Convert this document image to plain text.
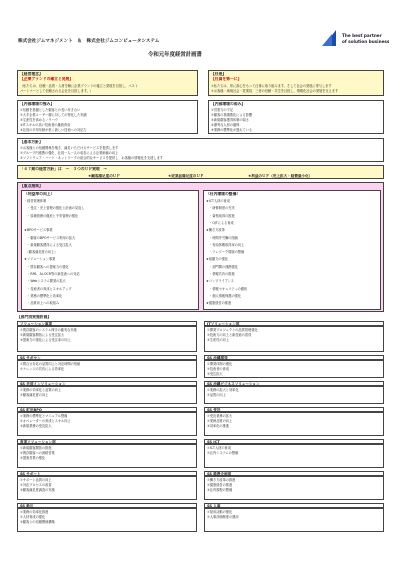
株式会社ジムマネジメント　＆　株式会社ジムコンピュータシステム
令和元年度経営計画書
The best partner
of solution business
【経営理念】
【企業ブランドの確立と発展】
（私たちは、信頼・品質・人材を軸に企業ブランドの確立と発展を目指し、ベスト
パートナーとして信頼される会社を目指します。）
【社是】
【社員を第一に】
①私たちは、常に真心をもって仕事に取り組みます。そして社会の発展に寄与します
②お客様・地域社会・従業員、三者の信頼・共生を目指し、情報化社会の発展を支えます
【内部環境の強み】
①信頼を基盤とした顧客との長い付き合い
②大手企業ユーザー層に対しての特化した実績
③生産性を高めるノウハウ
④ITスキルの高い技術者の継続育成
⑤社員の平均年齢が低く新しい技術への対応力
【内部環境の弱み】
①営業力の不足
②顧客の業績悪化による影響
③新規顧客獲得体制の弱さ
④優秀な人材の確保
⑤業務の標準化が遅れている
【基本方針】
①お客様との信頼関係を築き、満足いただけるサービスを提供します
②グループ内連携の強化、社員一人一人の成長による企業価値の向上
③ソフトウェア・ハード・ネットワークの総合的なサービスを提供し、お客様の情報化を支援します
「４７期の経営方針」は　～　３つのＵＰ実現　～
★顧客満足度のＵＰ	★従業員満足度のＵＰ	★利益のＵＰ（売上拡大・経費最小化）
【重点施策】
（利益率の向上）
・経営管理体制
　・受注・売上管理の強化と計画の見直し
　・原価管理の徹底と予実管理の強化
★BPOサービス事業
　・顧客のBPOサービス利用の拡大
　・新規顧客獲得による受注拡大
　（顧客満足度の向上）
★ソリューション事業
　・既存顧客への提案力の強化
　・RPA、AI-OCR等の新技術への対応
　・Webシステム開発の拡大
　・技術者の育成とスキルアップ
　・業務の標準化と効率化
　・品質向上への取組み
（社内環境の整備）
★ICT人材の育成
　・研修制度の充実
　・資格取得の推進
　・OJTによる育成
★働き方改革
　・時間外労働の削減
　・有給休暇取得率の向上
　・テレワーク環境の整備
★組織力の強化
　・部門間の連携強化
　・情報共有の推進
★コンプライアンス
　・情報セキュリティの徹底
　・個人情報保護の強化
★健康経営の推進
【部門別実施計画】
ソリューション事業
①既存顧客のシステム保守の確実な実施
②新規顧客開拓による受注拡大
③提案力の強化による受注率の向上
SS サポセン
①問合せ対応の品質向上と対応時間の短縮
②ナレッジの共有による効率化
SS 共済インソリューション
①業務の効率化と品質の向上
②顧客満足度の向上
SS 町田BPO
①業務の標準化とマニュアル整備
②オペレーターの育成とスキル向上
③新規業務の受託拡大
営業ソリューション部
①新規顧客開拓の推進
②既存顧客への深耕営業
③提案営業の強化
SS サポート
①サポート品質の向上
②対応プロセスの改善
③顧客満足度調査の実施
SS 新川
①業務の効率化推進
②人材育成の強化
③顧客との信頼関係構築
ITソリューション部
①開発プロジェクトの品質管理強化
②技術力の向上と新技術の習得
③生産性の向上
SS 沖縄開発
①開発体制の強化
②技術者の育成
③受注拡大
SS 沖縄ビジネスソリューション
①業務の拡大と効率化
②品質の向上
SS 受託
①受託業務の拡大
②業務品質の向上
③効率化の推進
SS ICT
①ICT人材の育成
②社内システムの整備
SS 総務企画部
①働き方改革の推進
②健康経営の推進
③社内規程の整備
SS 人事
①採用活動の強化
②人事評価制度の運用
